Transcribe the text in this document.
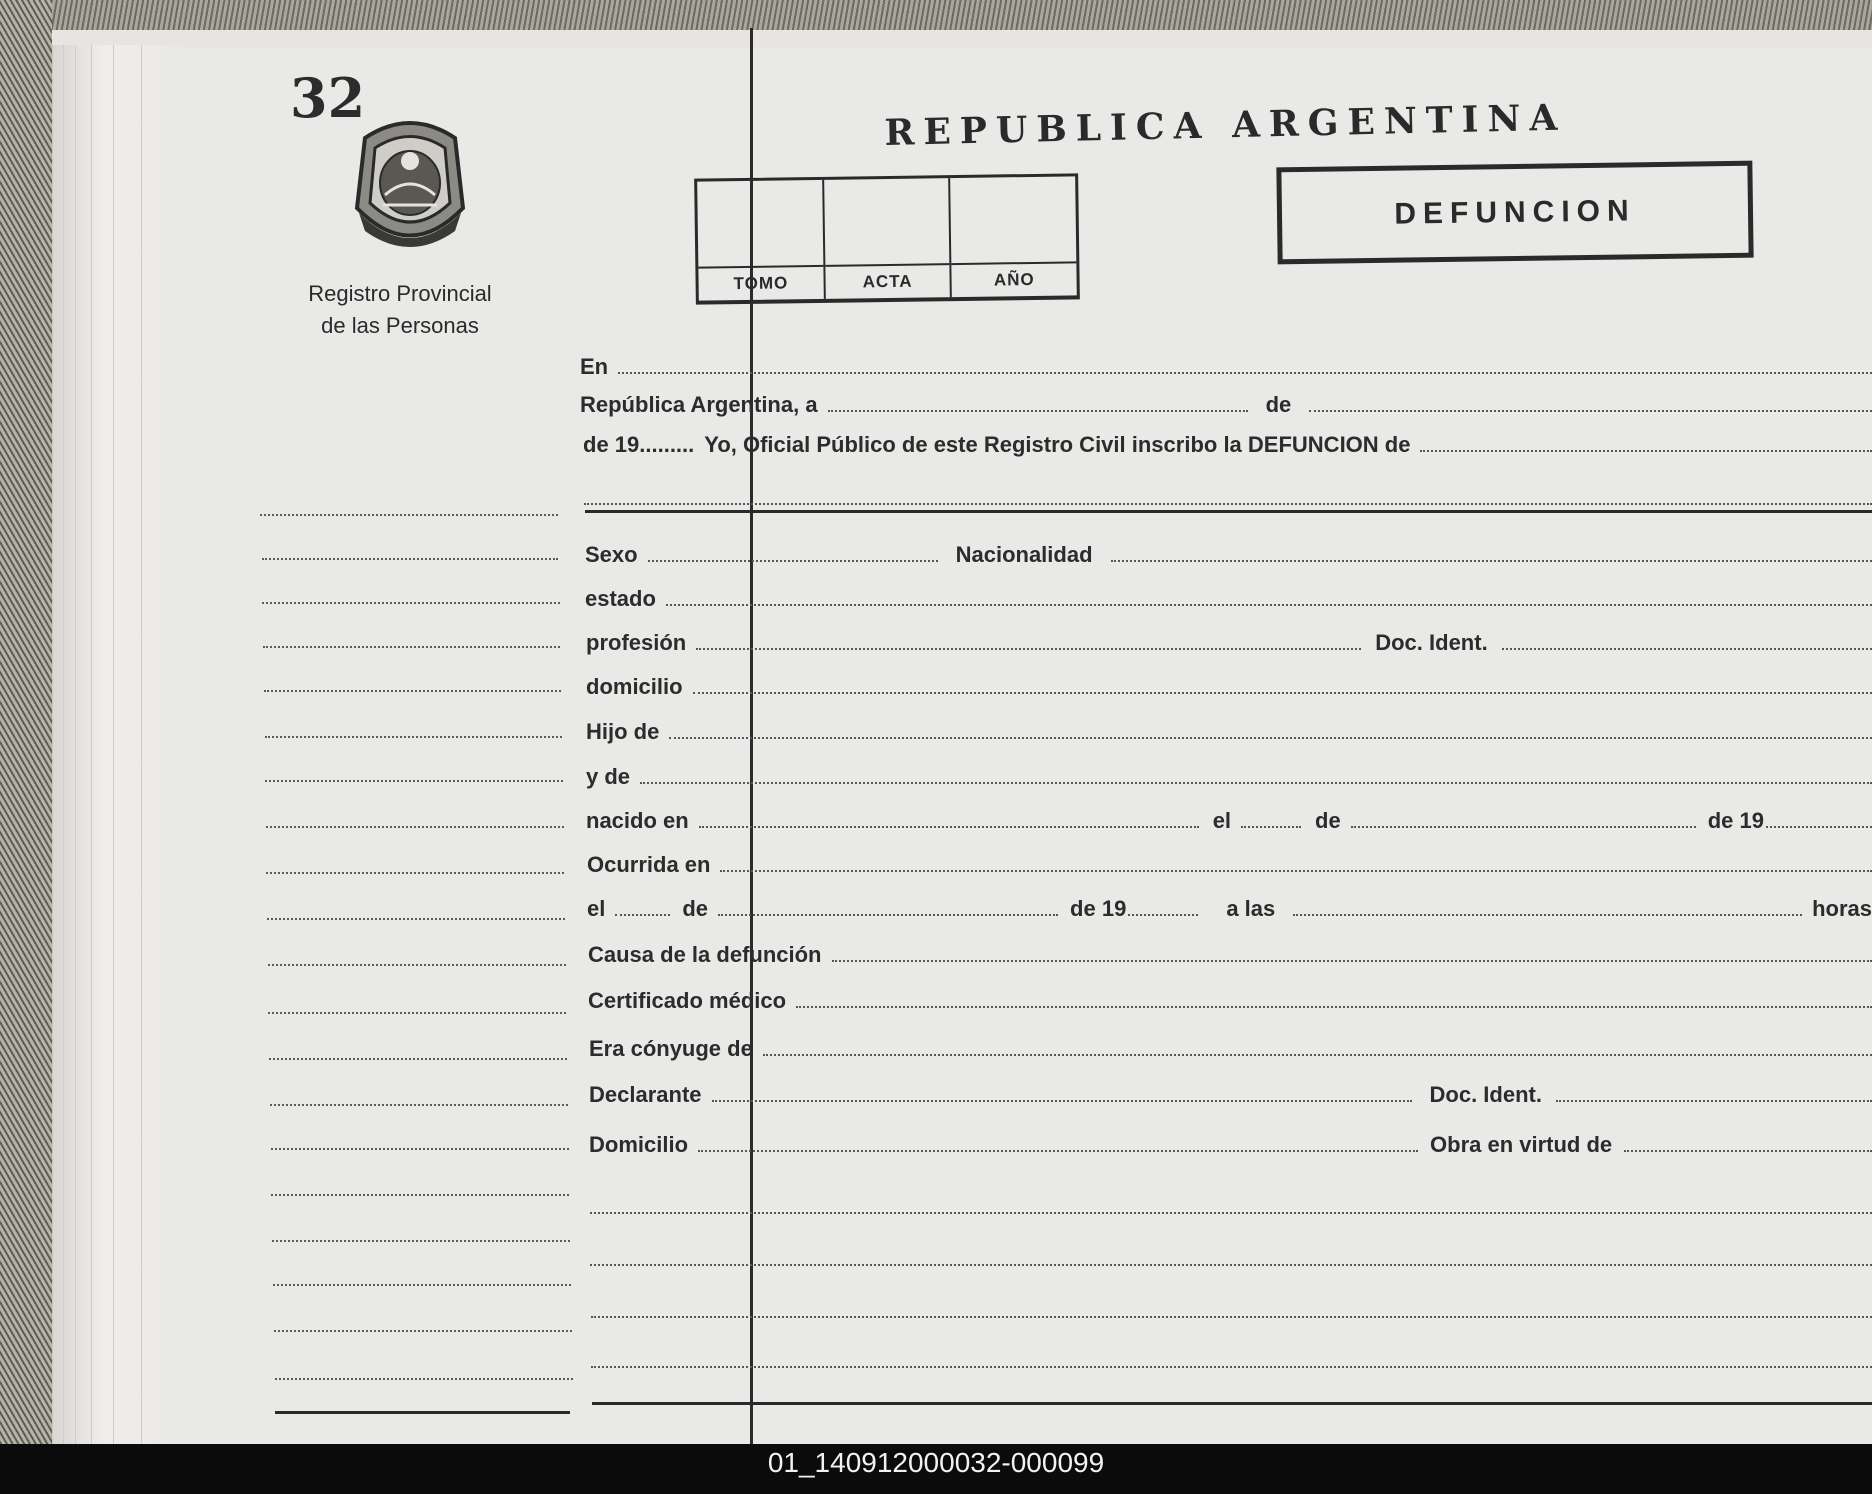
32
Registro Provincial
de las Personas
REPUBLICA ARGENTINA
TOMO	ACTA	AÑO
DEFUNCION
En
República Argentina, a	de
de 19......... Yo, Oficial Público de este Registro Civil inscribo la DEFUNCION de
Sexo	Nacionalidad
estado
profesión	Doc. Ident.
domicilio
Hijo de
y de
nacido en	el	de	de 19
Ocurrida en
el	de	de 19	a las	horas
Causa de la defunción
Certificado médico
Era cónyuge de
Declarante	Doc. Ident.
Domicilio	Obra en virtud de
01_140912000032-000099
